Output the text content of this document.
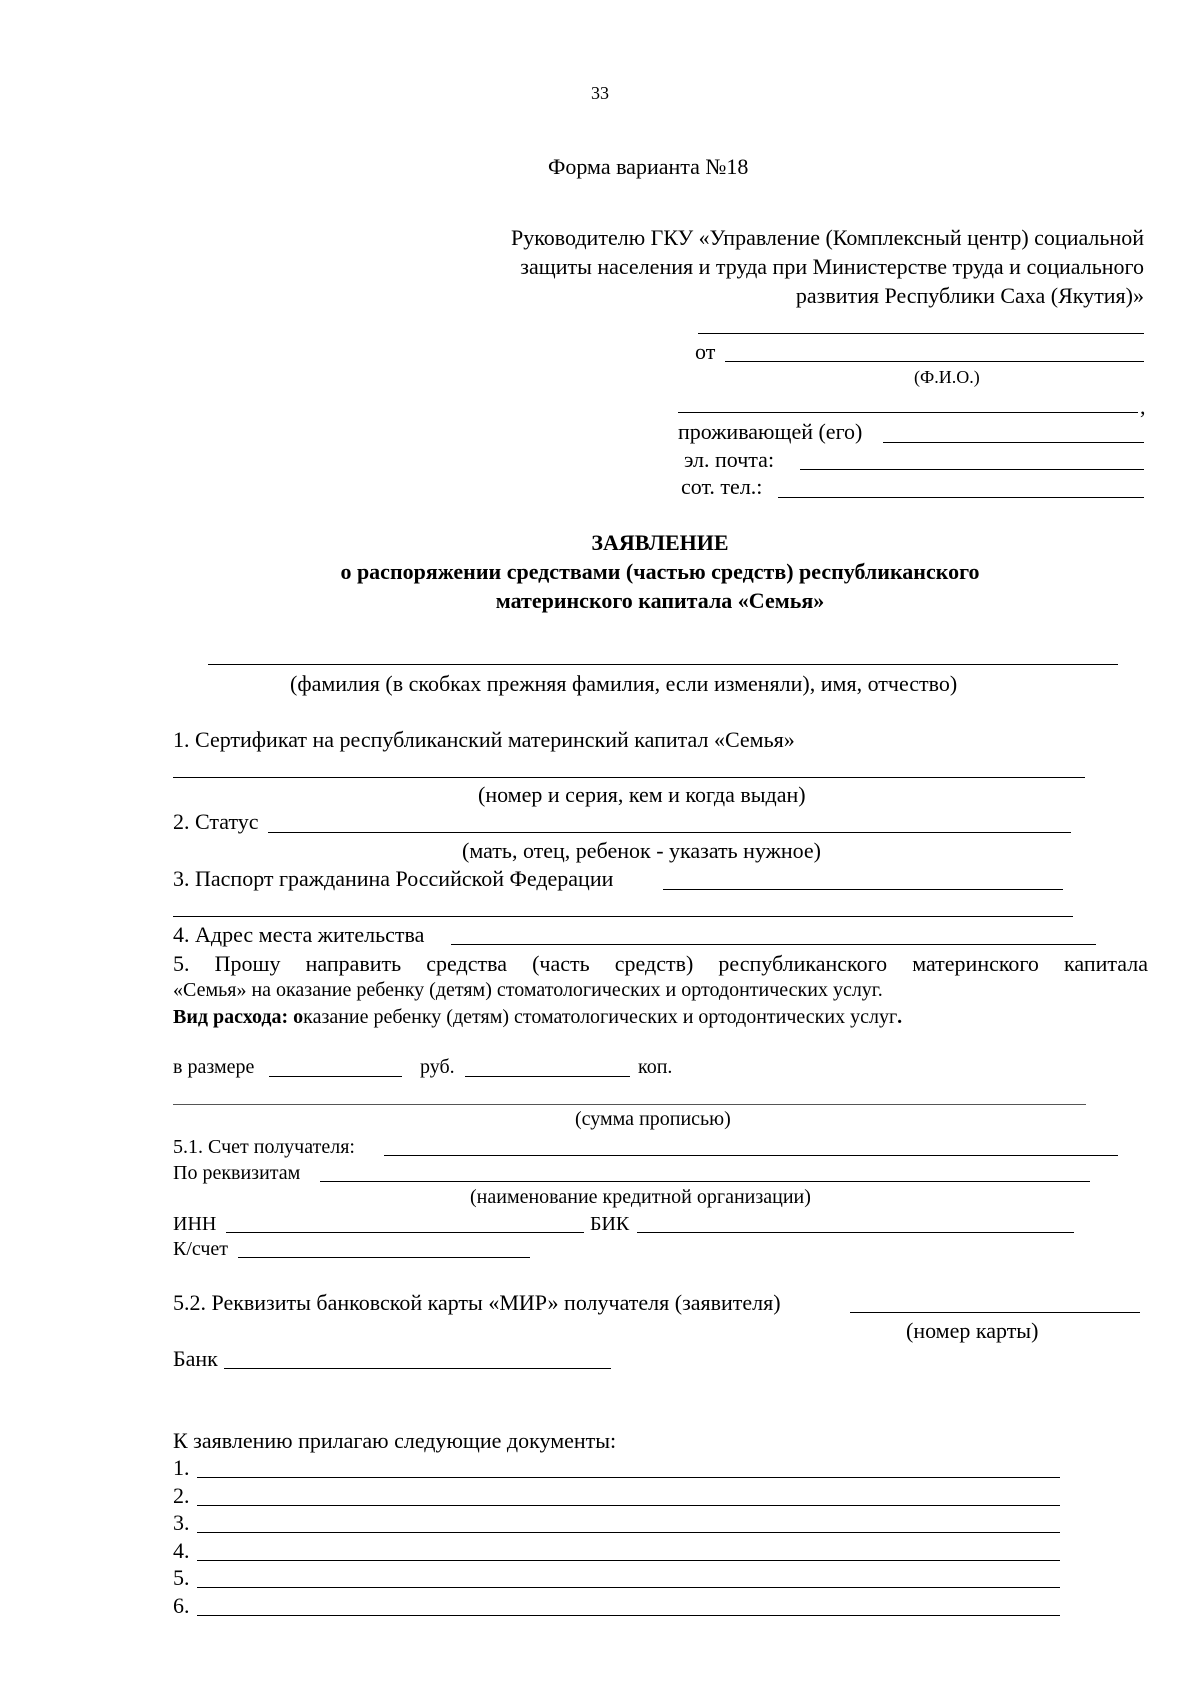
33
Форма варианта №18
Руководителю ГКУ «Управление (Комплексный центр) социальной
защиты населения и труда при Министерстве труда и социального
развития Республики Саха (Якутия)»
от
(Ф.И.О.)
,
проживающей (его)
эл. почта:
сот. тел.:
ЗАЯВЛЕНИЕ
о распоряжении средствами (частью средств) республиканского
материнского капитала «Семья»
(фамилия (в скобках прежняя фамилия, если изменяли), имя, отчество)
1. Сертификат на республиканский материнский капитал «Семья»
(номер и серия, кем и когда выдан)
2. Статус
(мать, отец, ребенок - указать нужное)
3. Паспорт гражданина Российской Федерации
4. Адрес места жительства
5. Прошу направить средства (часть средств) республиканского материнского капитала
«Семья» на оказание ребенку (детям) стоматологических и ортодонтических услуг.
Вид расхода: оказание ребенку (детям) стоматологических и ортодонтических услуг.
в размере	руб.	коп.
(сумма прописью)
5.1. Счет получателя:
По реквизитам
(наименование кредитной организации)
ИНН	БИК
К/счет
5.2. Реквизиты банковской карты «МИР» получателя (заявителя)
(номер карты)
Банк
К заявлению прилагаю следующие документы:
1.
2.
3.
4.
5.
6.
